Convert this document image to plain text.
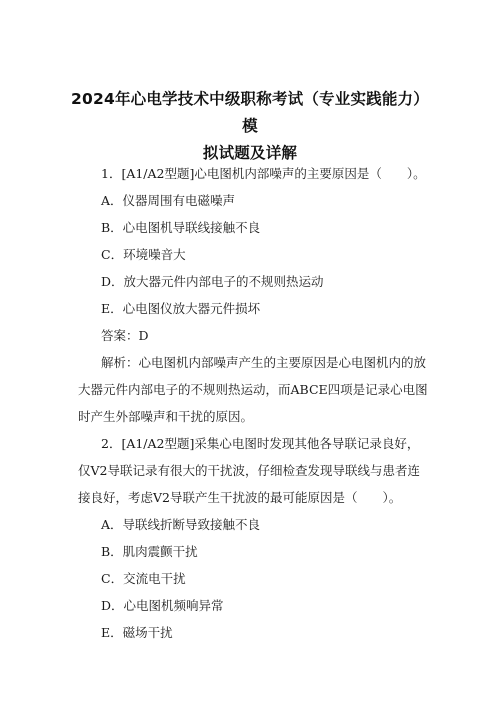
2024年心电学技术中级职称考试（专业实践能力）模
拟试题及详解
1．[A1/A2型题]心电图机内部噪声的主要原因是（　　）。
A．仪器周围有电磁噪声
B．心电图机导联线接触不良
C．环境噪音大
D．放大器元件内部电子的不规则热运动
E．心电图仪放大器元件损坏
答案：D
解析：心电图机内部噪声产生的主要原因是心电图机内的放
大器元件内部电子的不规则热运动，而ABCE四项是记录心电图
时产生外部噪声和干扰的原因。
2．[A1/A2型题]采集心电图时发现其他各导联记录良好，
仅V2导联记录有很大的干扰波，仔细检查发现导联线与患者连
接良好，考虑V2导联产生干扰波的最可能原因是（　　）。
A．导联线折断导致接触不良
B．肌肉震颤干扰
C．交流电干扰
D．心电图机频响异常
E．磁场干扰
